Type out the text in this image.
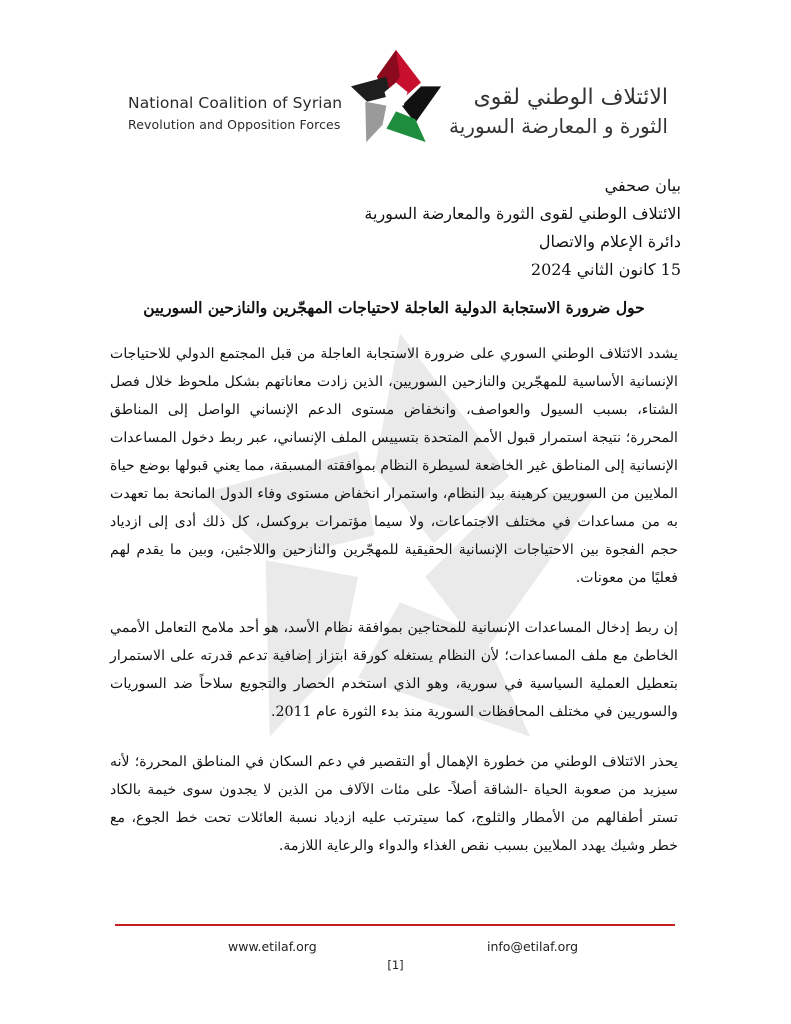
National Coalition of Syrian
Revolution and Opposition Forces
الائتلاف الوطني لقوى
الثورة و المعارضة السورية
بيان صحفي
الائتلاف الوطني لقوى الثورة والمعارضة السورية
دائرة الإعلام والاتصال
15 كانون الثاني 2024
حول ضرورة الاستجابة الدولية العاجلة لاحتياجات المهجّرين والنازحين السوريين

يشدد الائتلاف الوطني السوري على ضرورة الاستجابة العاجلة من قبل المجتمع الدولي للاحتياجات الإنسانية الأساسية للمهجّرين والنازحين السوريين، الذين زادت معاناتهم بشكل ملحوظ خلال فصل الشتاء، بسبب السيول والعواصف، وانخفاض مستوى الدعم الإنساني الواصل إلى المناطق المحررة؛ نتيجة استمرار قبول الأمم المتحدة بتسييس الملف الإنساني، عبر ربط دخول المساعدات الإنسانية إلى المناطق غير الخاضعة لسيطرة النظام بموافقته المسبقة، مما يعني قبولها بوضع حياة الملايين من السوريين كرهينة بيد النظام، واستمرار انخفاض مستوى وفاء الدول المانحة بما تعهدت به من مساعدات في مختلف الاجتماعات، ولا سيما مؤتمرات بروكسل، كل ذلك أدى إلى ازدياد حجم الفجوة بين الاحتياجات الإنسانية الحقيقية للمهجّرين والنازحين واللاجئين، وبين ما يقدم لهم فعليًا من معونات.

إن ربط إدخال المساعدات الإنسانية للمحتاجين بموافقة نظام الأسد، هو أحد ملامح التعامل الأممي الخاطئ مع ملف المساعدات؛ لأن النظام يستغله كورقة ابتزاز إضافية تدعم قدرته على الاستمرار بتعطيل العملية السياسية في سورية، وهو الذي استخدم الحصار والتجويع سلاحاً ضد السوريات والسوريين في مختلف المحافظات السورية منذ بدء الثورة عام 2011.

يحذر الائتلاف الوطني من خطورة الإهمال أو التقصير في دعم السكان في المناطق المحررة؛ لأنه سيزيد من صعوبة الحياة -الشاقة أصلاً- على مئات الآلاف من الذين لا يجدون سوى خيمة بالكاد تستر أطفالهم من الأمطار والثلوج، كما سيترتب عليه ازدياد نسبة العائلات تحت خط الجوع، مع خطر وشيك يهدد الملايين بسبب نقص الغذاء والدواء والرعاية اللازمة.

www.etilaf.org	info@etilaf.org
[1]
